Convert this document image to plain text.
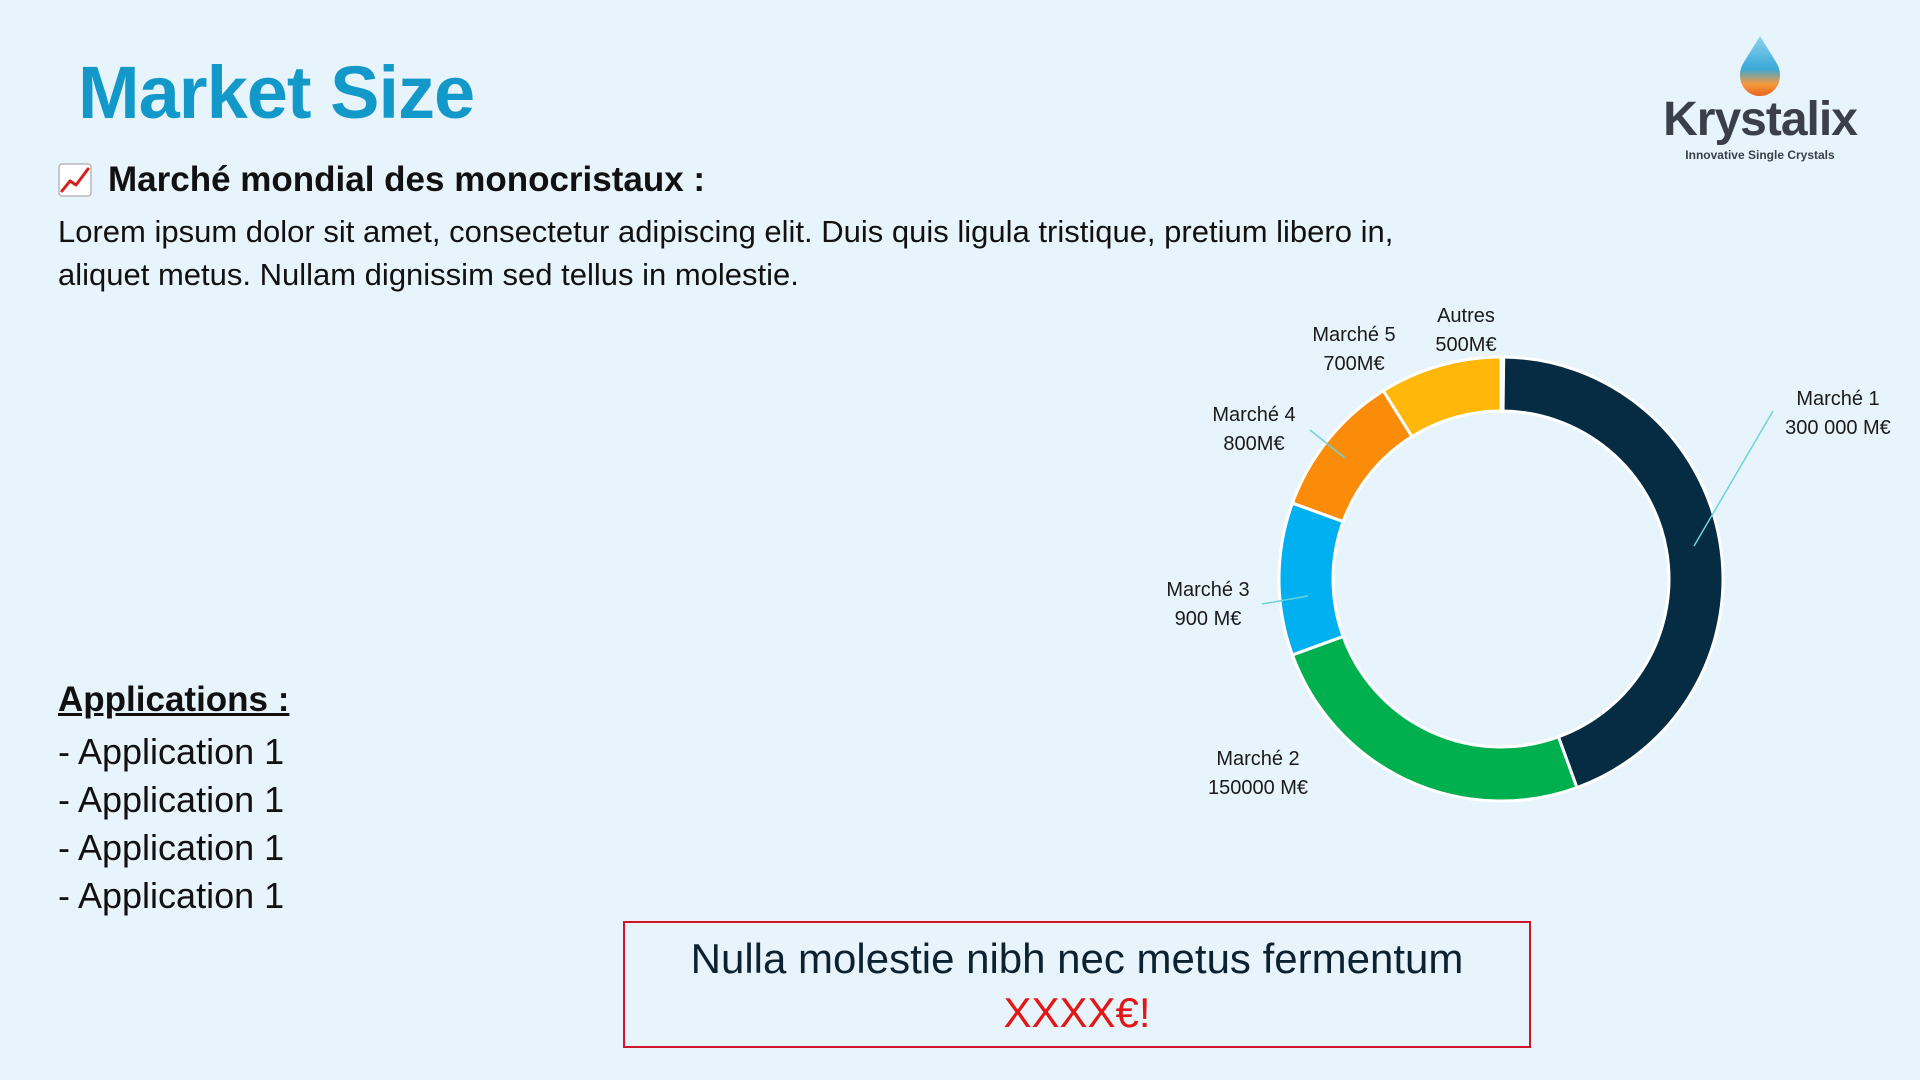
Market Size	Krystalix
Innovative Single Crystals
Marché mondial des monocristaux :
Lorem ipsum dolor sit amet, consectetur adipiscing elit. Duis quis ligula tristique, pretium libero in, aliquet metus. Nullam dignissim sed tellus in molestie.
Applications :
- Application 1
- Application 1
- Application 1
- Application 1
Marché 1
300 000 M€
Marché 2
150000 M€
Marché 3
900 M€
Marché 4
800M€
Marché 5
700M€
Autres
500M€
Nulla molestie nibh nec metus fermentum
XXXX€!
